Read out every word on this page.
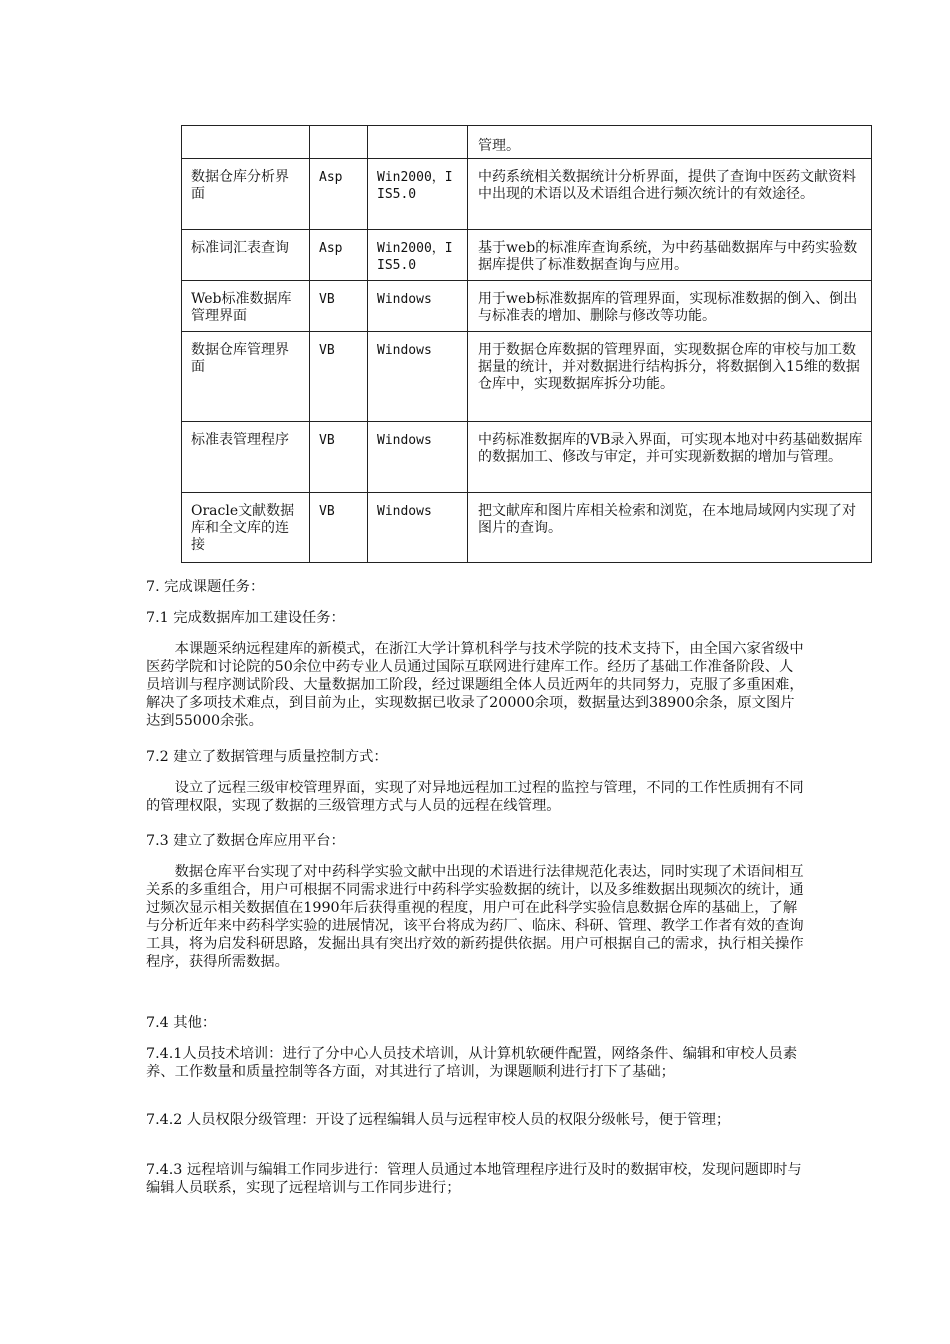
			管理。
数据仓库分析界面	Asp	Win2000，IIS5.0	中药系统相关数据统计分析界面，提供了查询中医药文献资料中出现的术语以及术语组合进行频次统计的有效途径。
标准词汇表查询	Asp	Win2000，IIS5.0	基于web的标准库查询系统，为中药基础数据库与中药实验数据库提供了标准数据查询与应用。
Web标准数据库管理界面	VB	Windows	用于web标准数据库的管理界面，实现标准数据的倒入、倒出与标准表的增加、删除与修改等功能。
数据仓库管理界面	VB	Windows	用于数据仓库数据的管理界面，实现数据仓库的审校与加工数据量的统计，并对数据进行结构拆分，将数据倒入15维的数据仓库中，实现数据库拆分功能。
标准表管理程序	VB	Windows	中药标准数据库的VB录入界面，可实现本地对中药基础数据库的数据加工、修改与审定，并可实现新数据的增加与管理。
Oracle文献数据库和全文库的连接	VB	Windows	把文献库和图片库相关检索和浏览，在本地局域网内实现了对图片的查询。
7. 完成课题任务：
7.1 完成数据库加工建设任务：
本课题采纳远程建库的新模式，在浙江大学计算机科学与技术学院的技术支持下，由全国六家省级中医药学院和讨论院的50余位中药专业人员通过国际互联网进行建库工作。经历了基础工作准备阶段、人员培训与程序测试阶段、大量数据加工阶段，经过课题组全体人员近两年的共同努力，克服了多重困难，解决了多项技术难点，到目前为止，实现数据已收录了20000余项，数据量达到38900余条，原文图片达到55000余张。
7.2 建立了数据管理与质量控制方式：
设立了远程三级审校管理界面，实现了对异地远程加工过程的监控与管理，不同的工作性质拥有不同的管理权限，实现了数据的三级管理方式与人员的远程在线管理。
7.3 建立了数据仓库应用平台：
数据仓库平台实现了对中药科学实验文献中出现的术语进行法律规范化表达，同时实现了术语间相互关系的多重组合，用户可根据不同需求进行中药科学实验数据的统计，以及多维数据出现频次的统计，通过频次显示相关数据值在1990年后获得重视的程度，用户可在此科学实验信息数据仓库的基础上，了解与分析近年来中药科学实验的进展情况，该平台将成为药厂、临床、科研、管理、教学工作者有效的查询工具，将为启发科研思路，发掘出具有突出疗效的新药提供依据。用户可根据自己的需求，执行相关操作程序，获得所需数据。
7.4 其他：
7.4.1人员技术培训：进行了分中心人员技术培训，从计算机软硬件配置，网络条件、编辑和审校人员素养、工作数量和质量控制等各方面，对其进行了培训，为课题顺利进行打下了基础；
7.4.2 人员权限分级管理：开设了远程编辑人员与远程审校人员的权限分级帐号，便于管理；
7.4.3 远程培训与编辑工作同步进行：管理人员通过本地管理程序进行及时的数据审校，发现问题即时与编辑人员联系，实现了远程培训与工作同步进行；
